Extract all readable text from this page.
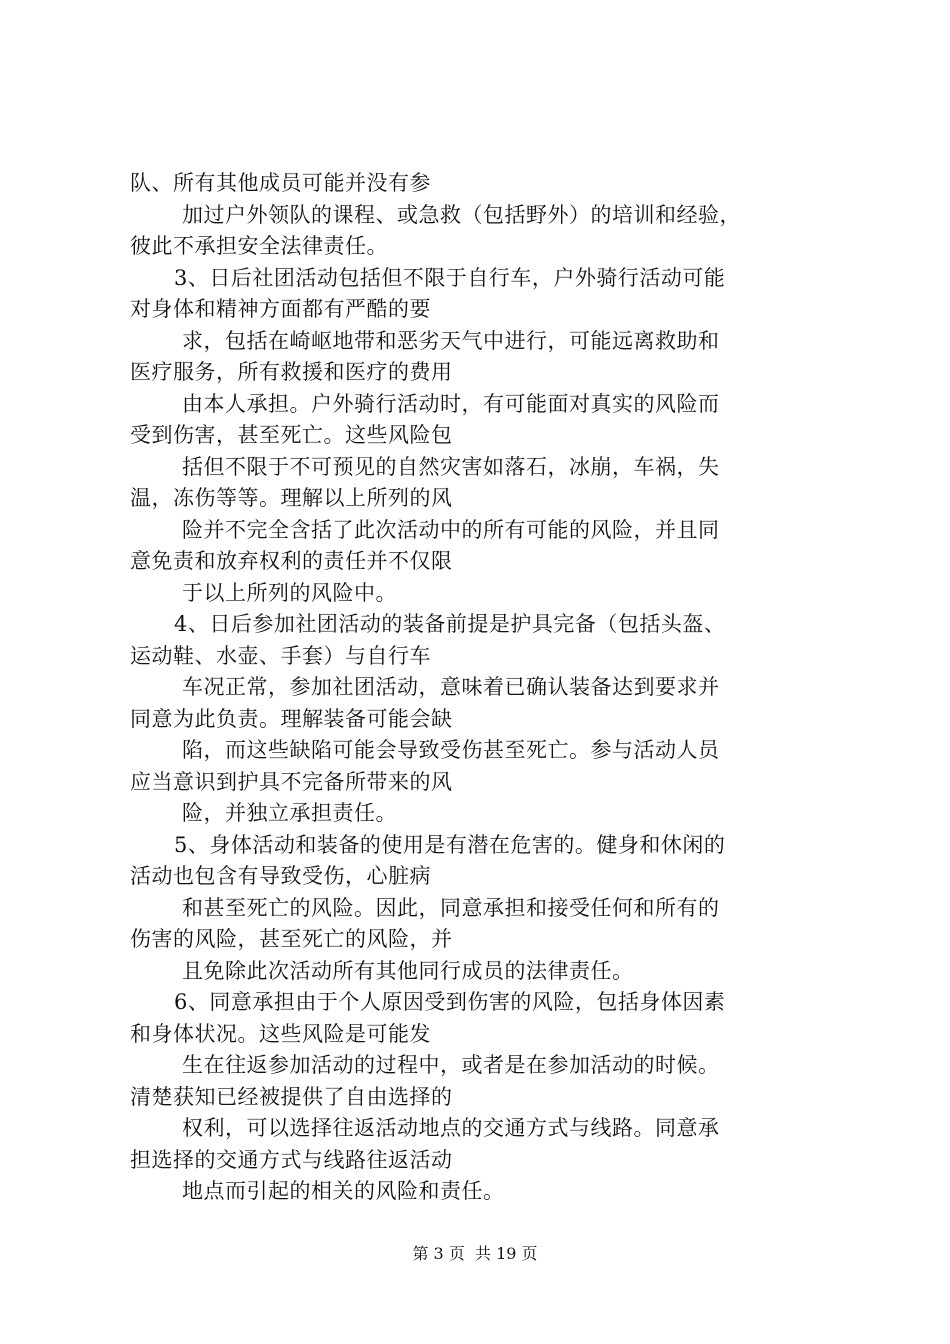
队、所有其他成员可能并没有参
加过户外领队的课程、或急救（包括野外）的培训和经验，
彼此不承担安全法律责任。
3、日后社团活动包括但不限于自行车，户外骑行活动可能
对身体和精神方面都有严酷的要
求，包括在崎岖地带和恶劣天气中进行，可能远离救助和
医疗服务，所有救援和医疗的费用
由本人承担。户外骑行活动时，有可能面对真实的风险而
受到伤害，甚至死亡。这些风险包
括但不限于不可预见的自然灾害如落石，冰崩，车祸，失
温，冻伤等等。理解以上所列的风
险并不完全含括了此次活动中的所有可能的风险，并且同
意免责和放弃权利的责任并不仅限
于以上所列的风险中。
4、日后参加社团活动的装备前提是护具完备（包括头盔、
运动鞋、水壶、手套）与自行车
车况正常，参加社团活动，意味着已确认装备达到要求并
同意为此负责。理解装备可能会缺
陷，而这些缺陷可能会导致受伤甚至死亡。参与活动人员
应当意识到护具不完备所带来的风
险，并独立承担责任。
5、身体活动和装备的使用是有潜在危害的。健身和休闲的
活动也包含有导致受伤，心脏病
和甚至死亡的风险。因此，同意承担和接受任何和所有的
伤害的风险，甚至死亡的风险，并
且免除此次活动所有其他同行成员的法律责任。
6、同意承担由于个人原因受到伤害的风险，包括身体因素
和身体状况。这些风险是可能发
生在往返参加活动的过程中，或者是在参加活动的时候。
清楚获知已经被提供了自由选择的
权利，可以选择往返活动地点的交通方式与线路。同意承
担选择的交通方式与线路往返活动
地点而引起的相关的风险和责任。
第 3 页  共 19 页
